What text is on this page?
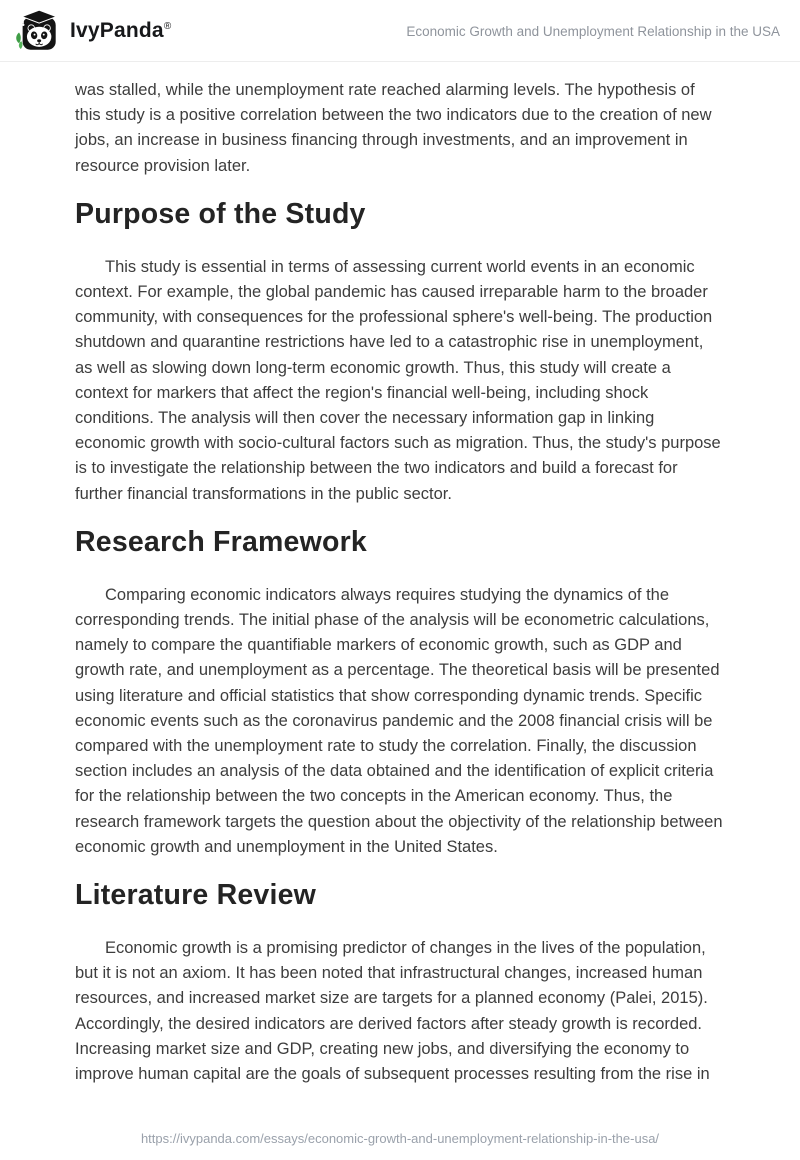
IvyPanda®	Economic Growth and Unemployment Relationship in the USA

was stalled, while the unemployment rate reached alarming levels. The hypothesis of this study is a positive correlation between the two indicators due to the creation of new jobs, an increase in business financing through investments, and an improvement in resource provision later.

Purpose of the Study

This study is essential in terms of assessing current world events in an economic context. For example, the global pandemic has caused irreparable harm to the broader community, with consequences for the professional sphere's well-being. The production shutdown and quarantine restrictions have led to a catastrophic rise in unemployment, as well as slowing down long-term economic growth. Thus, this study will create a context for markers that affect the region's financial well-being, including shock conditions. The analysis will then cover the necessary information gap in linking economic growth with socio-cultural factors such as migration. Thus, the study's purpose is to investigate the relationship between the two indicators and build a forecast for further financial transformations in the public sector.

Research Framework

Comparing economic indicators always requires studying the dynamics of the corresponding trends. The initial phase of the analysis will be econometric calculations, namely to compare the quantifiable markers of economic growth, such as GDP and growth rate, and unemployment as a percentage. The theoretical basis will be presented using literature and official statistics that show corresponding dynamic trends. Specific economic events such as the coronavirus pandemic and the 2008 financial crisis will be compared with the unemployment rate to study the correlation. Finally, the discussion section includes an analysis of the data obtained and the identification of explicit criteria for the relationship between the two concepts in the American economy. Thus, the research framework targets the question about the objectivity of the relationship between economic growth and unemployment in the United States.

Literature Review

Economic growth is a promising predictor of changes in the lives of the population, but it is not an axiom. It has been noted that infrastructural changes, increased human resources, and increased market size are targets for a planned economy (Palei, 2015). Accordingly, the desired indicators are derived factors after steady growth is recorded. Increasing market size and GDP, creating new jobs, and diversifying the economy to improve human capital are the goals of subsequent processes resulting from the rise in

https://ivypanda.com/essays/economic-growth-and-unemployment-relationship-in-the-usa/
